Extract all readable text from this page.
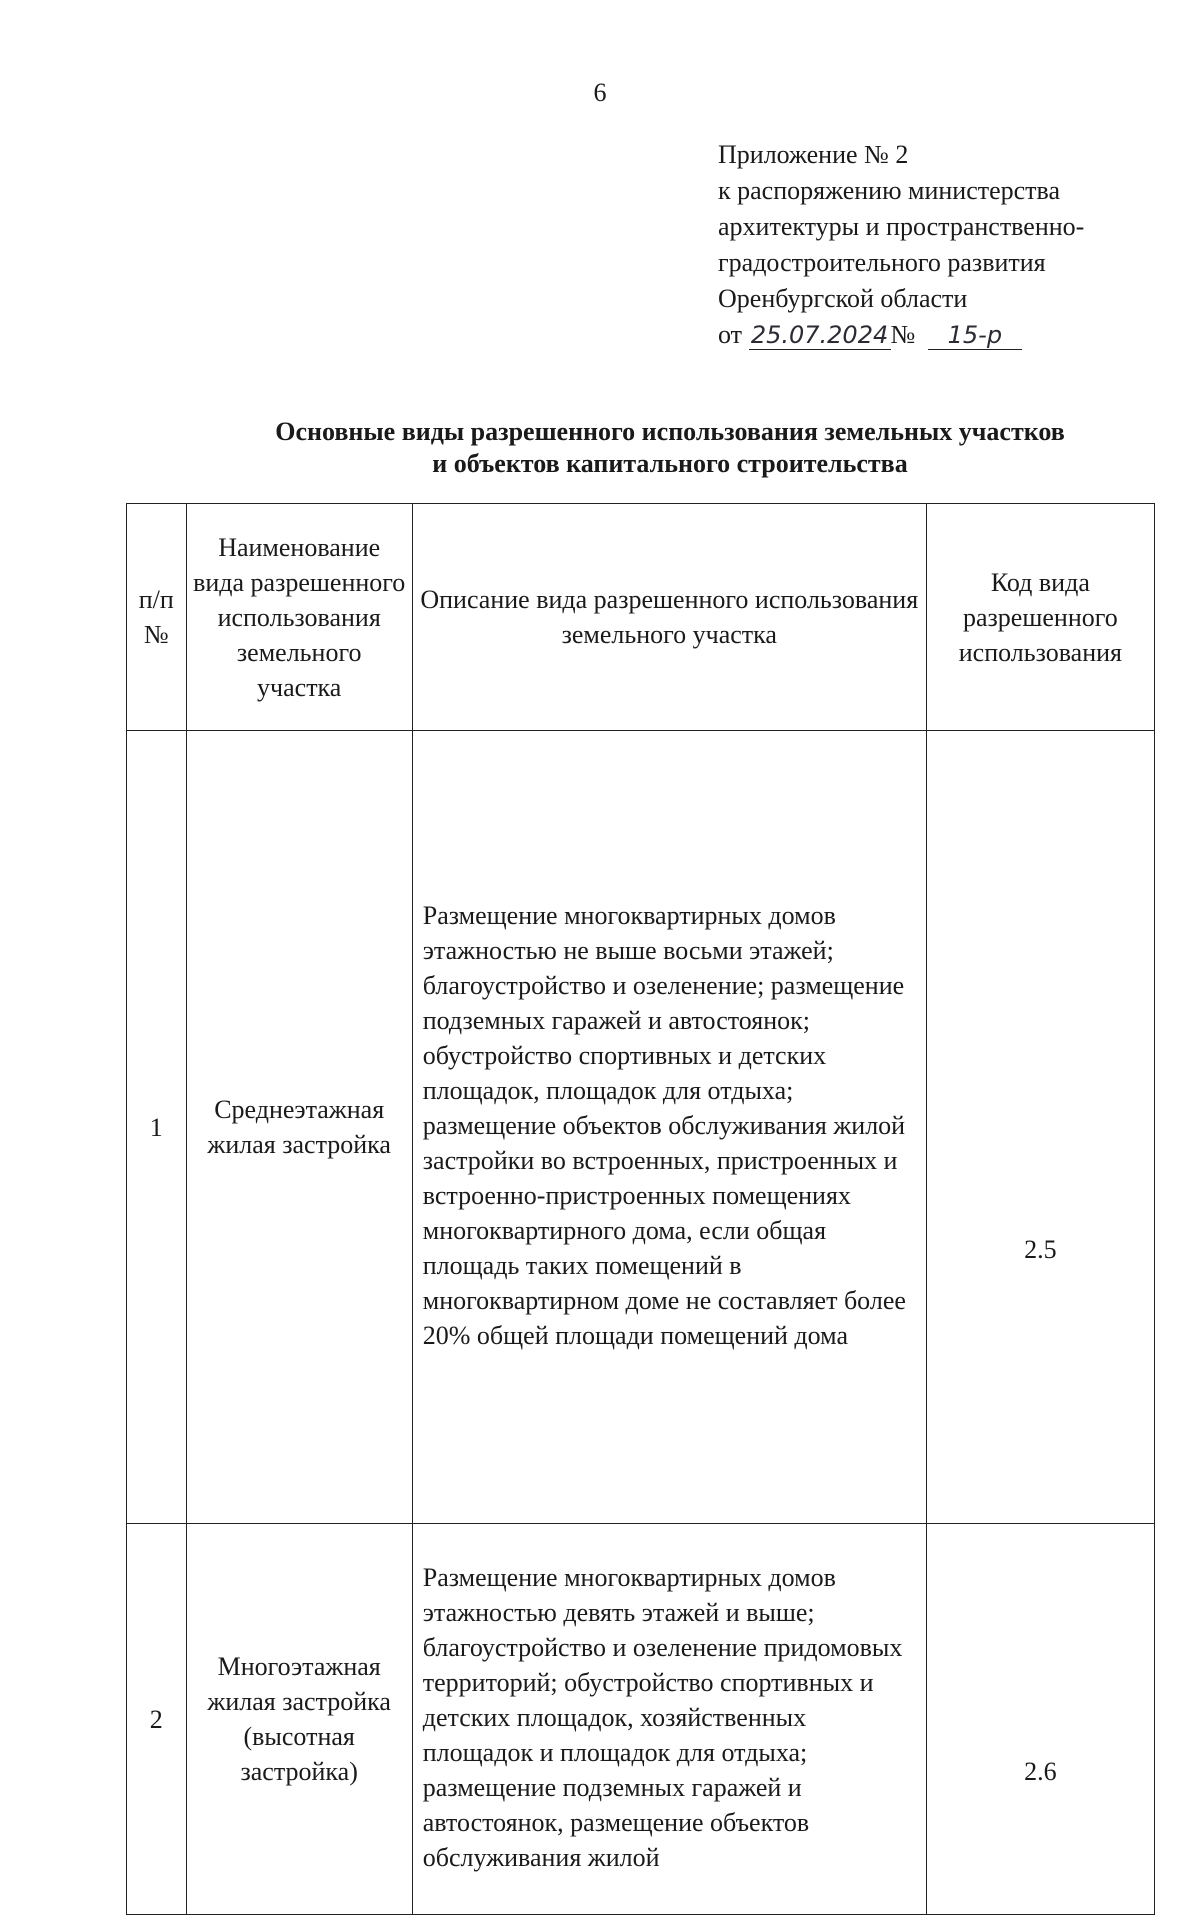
6
Приложение № 2
к распоряжению министерства
архитектуры и пространственно-
градостроительного развития
Оренбургской области
от 25.07.2024№ 15-р
Основные виды разрешенного использования земельных участков
и объектов капитального строительства
п/п №	Наименование вида разрешенного использования земельного участка	Описание вида разрешенного использования земельного участка	Код вида разрешенного использования
1	Среднеэтажная жилая застройка	Размещение многоквартирных домов этажностью не выше восьми этажей; благоустройство и озеленение; размещение подземных гаражей и автостоянок; обустройство спортивных и детских площадок, площадок для отдыха; размещение объектов обслуживания жилой застройки во встроенных, пристроенных и встроенно-пристроенных помещениях многоквартирного дома, если общая площадь таких помещений в многоквартирном доме не составляет более 20% общей площади помещений дома	2.5
2	Многоэтажная жилая застройка (высотная застройка)	Размещение многоквартирных домов этажностью девять этажей и выше; благоустройство и озеленение придомовых территорий; обустройство спортивных и детских площадок, хозяйственных площадок и площадок для отдыха; размещение подземных гаражей и автостоянок, размещение объектов обслуживания жилой	2.6
